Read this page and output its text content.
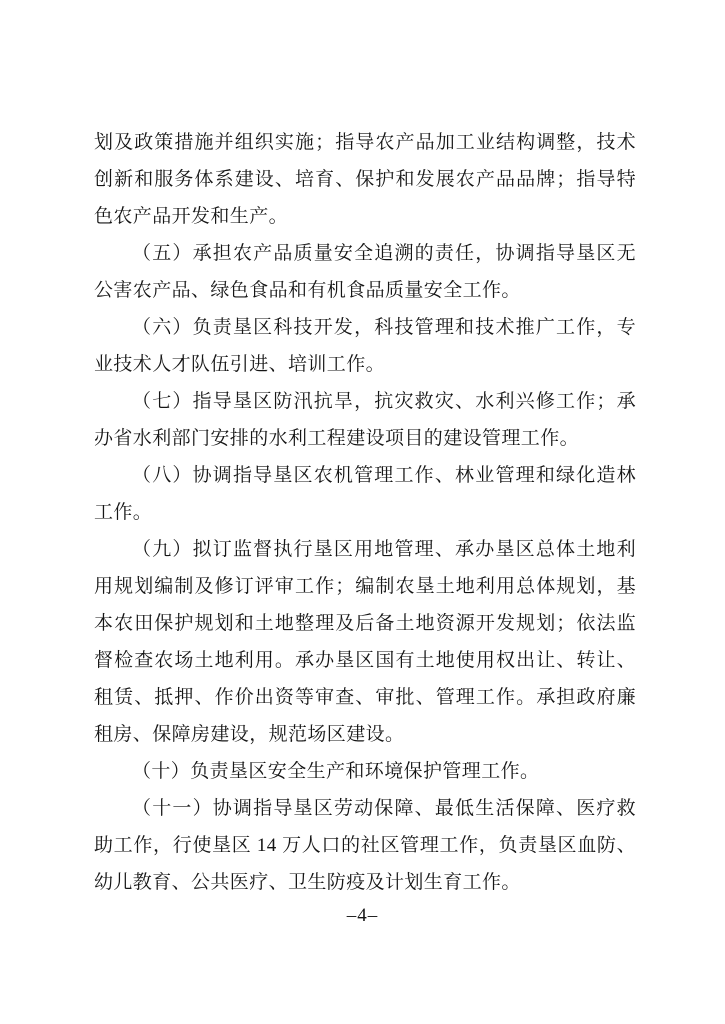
划及政策措施并组织实施；指导农产品加工业结构调整，技术创新和服务体系建设、培育、保护和发展农产品品牌；指导特色农产品开发和生产。

（五）承担农产品质量安全追溯的责任，协调指导垦区无公害农产品、绿色食品和有机食品质量安全工作。

（六）负责垦区科技开发，科技管理和技术推广工作，专业技术人才队伍引进、培训工作。

（七）指导垦区防汛抗旱，抗灾救灾、水利兴修工作；承办省水利部门安排的水利工程建设项目的建设管理工作。

（八）协调指导垦区农机管理工作、林业管理和绿化造林工作。

（九）拟订监督执行垦区用地管理、承办垦区总体土地利用规划编制及修订评审工作；编制农垦土地利用总体规划，基本农田保护规划和土地整理及后备土地资源开发规划；依法监督检查农场土地利用。承办垦区国有土地使用权出让、转让、租赁、抵押、作价出资等审查、审批、管理工作。承担政府廉租房、保障房建设，规范场区建设。

（十）负责垦区安全生产和环境保护管理工作。

（十一）协调指导垦区劳动保障、最低生活保障、医疗救助工作，行使垦区 14 万人口的社区管理工作，负责垦区血防、幼儿教育、公共医疗、卫生防疫及计划生育工作。

–4–
